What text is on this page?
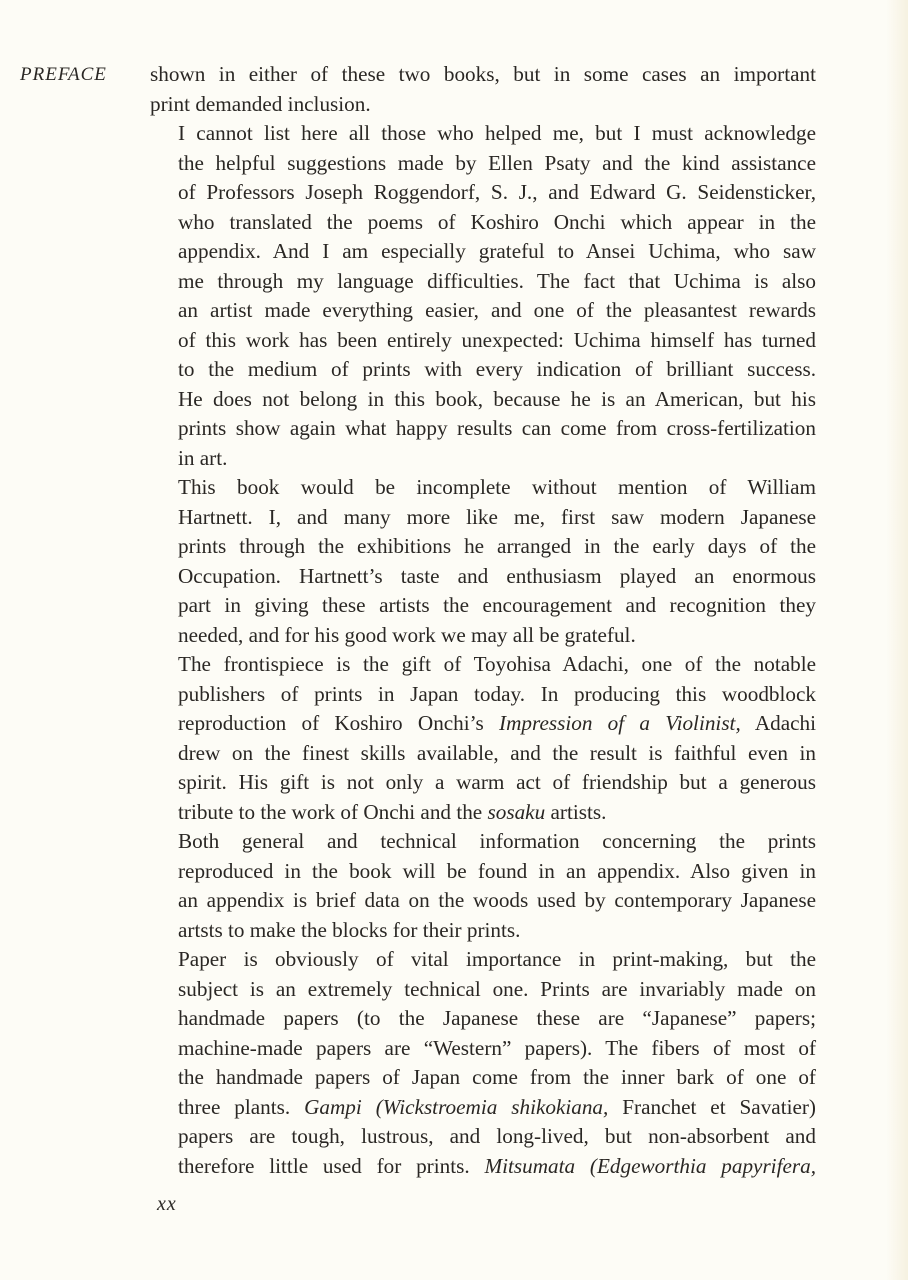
PREFACE shown in either of these two books, but in some cases an important
print demanded inclusion.
I cannot list here all those who helped me, but I must acknowledge
the helpful suggestions made by Ellen Psaty and the kind assistance
of Professors Joseph Roggendorf, S. J., and Edward G. Seidensticker,
who translated the poems of Koshiro Onchi which appear in the
appendix. And I am especially grateful to Ansei Uchima, who saw
me through my language difficulties. The fact that Uchima is also
an artist made everything easier, and one of the pleasantest rewards
of this work has been entirely unexpected: Uchima himself has turned
to the medium of prints with every indication of brilliant success.
He does not belong in this book, because he is an American, but his
prints show again what happy results can come from cross-fertilization
in art.
This book would be incomplete without mention of William
Hartnett. I, and many more like me, first saw modern Japanese
prints through the exhibitions he arranged in the early days of the
Occupation. Hartnett’s taste and enthusiasm played an enormous
part in giving these artists the encouragement and recognition they
needed, and for his good work we may all be grateful.
The frontispiece is the gift of Toyohisa Adachi, one of the notable
publishers of prints in Japan today. In producing this woodblock
reproduction of Koshiro Onchi’s Impression of a Violinist, Adachi
drew on the finest skills available, and the result is faithful even in
spirit. His gift is not only a warm act of friendship but a generous
tribute to the work of Onchi and the sosaku artists.
Both general and technical information concerning the prints
reproduced in the book will be found in an appendix. Also given in
an appendix is brief data on the woods used by contemporary Japanese
artsts to make the blocks for their prints.
Paper is obviously of vital importance in print-making, but the
subject is an extremely technical one. Prints are invariably made on
handmade papers (to the Japanese these are “Japanese” papers;
machine-made papers are “Western” papers). The fibers of most of
the handmade papers of Japan come from the inner bark of one of
three plants. Gampi (Wickstroemia shikokiana, Franchet et Savatier)
papers are tough, lustrous, and long-lived, but non-absorbent and
therefore little used for prints. Mitsumata (Edgeworthia papyrifera,
xx
